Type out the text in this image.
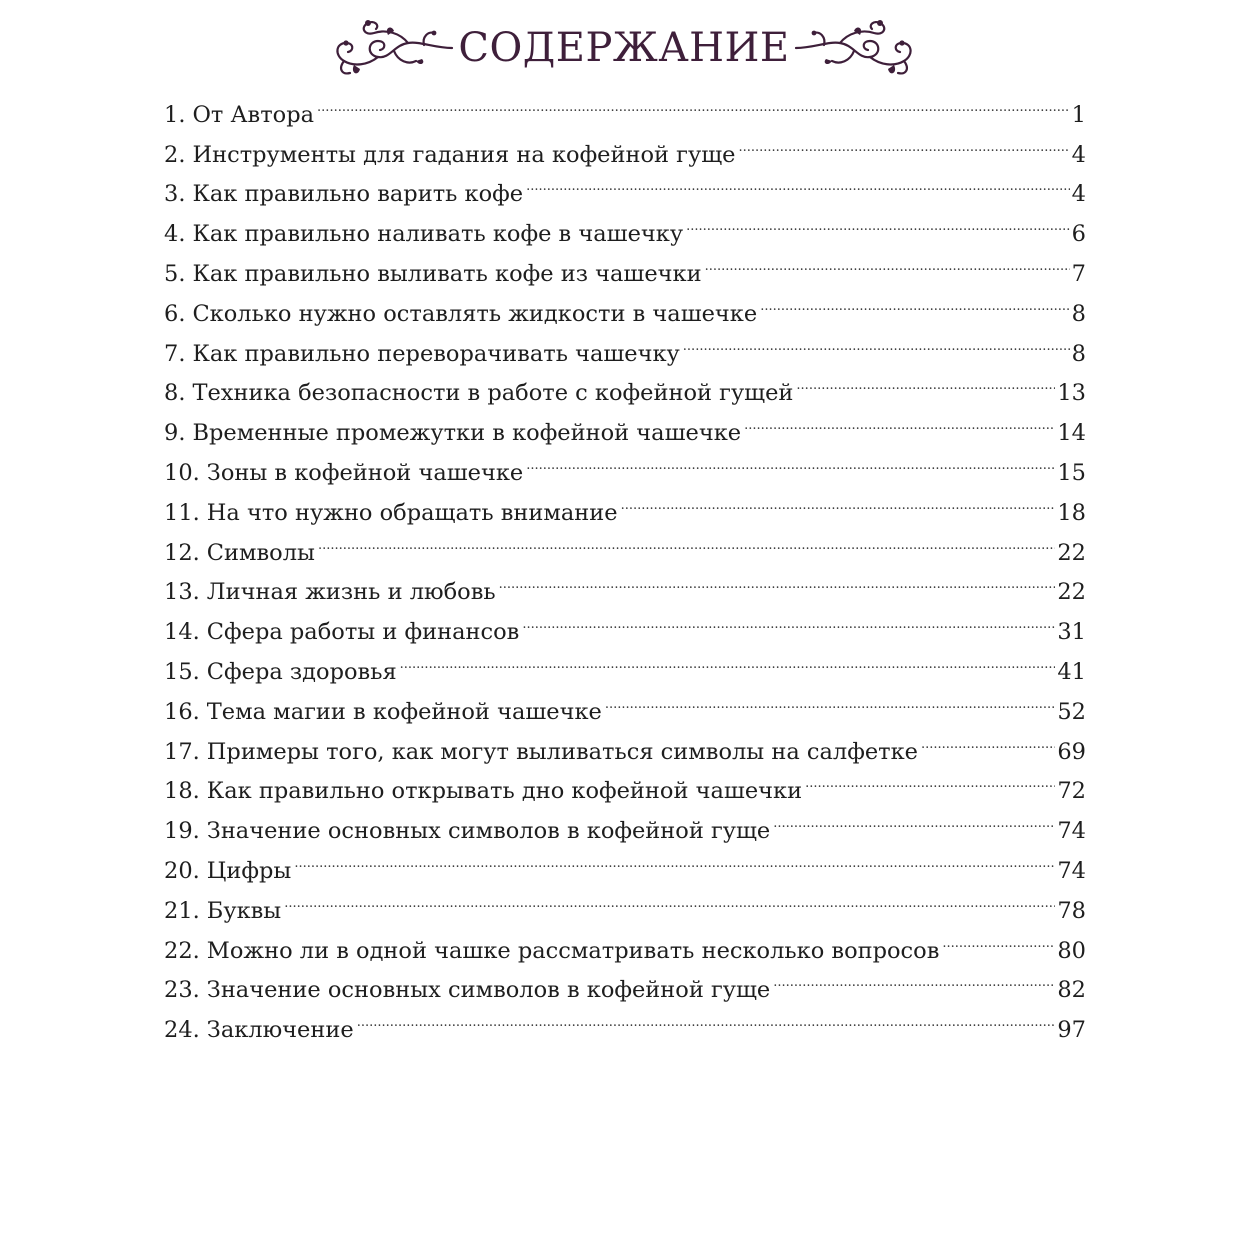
СОДЕРЖАНИЕ
1. От Автора .....	1
2. Инструменты для гадания на кофейной гуще .....	4
3. Как правильно варить кофе .....	4
4. Как правильно наливать кофе в чашечку .....	6
5. Как правильно выливать кофе из чашечки .....	7
6. Сколько нужно оставлять жидкости в чашечке .....	8
7. Как правильно переворачивать чашечку .....	8
8. Техника безопасности в работе с кофейной гущей .....	13
9. Временные промежутки в кофейной чашечке .....	14
10. Зоны в кофейной чашечке .....	15
11. На что нужно обращать внимание .....	18
12. Символы .....	22
13. Личная жизнь и любовь .....	22
14. Сфера работы и финансов .....	31
15. Сфера здоровья .....	41
16. Тема магии в кофейной чашечке .....	52
17. Примеры того, как могут выливаться символы на салфетке .....	69
18. Как правильно открывать дно кофейной чашечки .....	72
19. Значение основных символов в кофейной гуще .....	74
20. Цифры .....	74
21. Буквы .....	78
22. Можно ли в одной чашке рассматривать несколько вопросов .....	80
23. Значение основных символов в кофейной гуще .....	82
24. Заключение .....	97
